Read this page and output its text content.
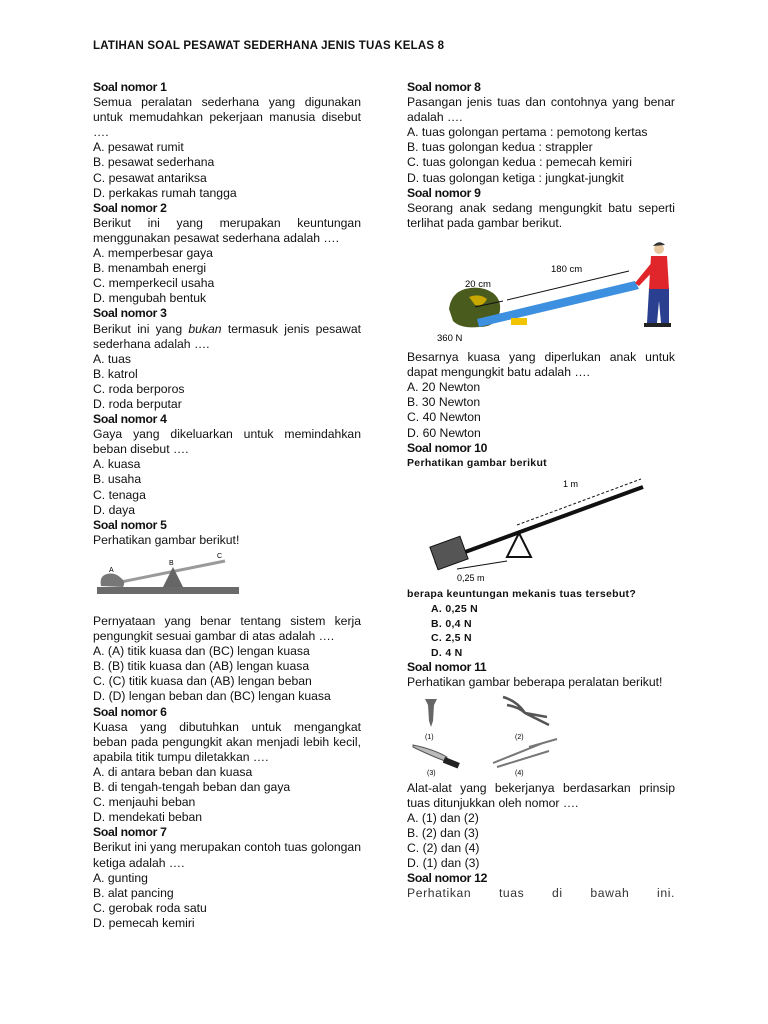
LATIHAN SOAL PESAWAT SEDERHANA JENIS TUAS KELAS 8
Soal nomor 1
Semua peralatan sederhana yang digunakan untuk memudahkan pekerjaan manusia disebut ….
A. pesawat rumit
B. pesawat sederhana
C. pesawat antariksa
D. perkakas rumah tangga
Soal nomor 2
Berikut ini yang merupakan keuntungan menggunakan pesawat sederhana adalah ….
A. memperbesar gaya
B. menambah energi
C. memperkecil usaha
D. mengubah bentuk
Soal nomor 3
Berikut ini yang bukan termasuk jenis pesawat sederhana adalah ….
A. tuas
B. katrol
C. roda berporos
D. roda berputar
Soal nomor 4
Gaya yang dikeluarkan untuk memindahkan beban disebut ….
A. kuasa
B. usaha
C. tenaga
D. daya
Soal nomor 5
Perhatikan gambar berikut!
A
B
C
Pernyataan yang benar tentang sistem kerja pengungkit sesuai gambar di atas adalah ….
A. (A) titik kuasa dan (BC) lengan kuasa
B. (B) titik kuasa dan (AB) lengan kuasa
C. (C) titik kuasa dan (AB) lengan beban
D. (D) lengan beban dan (BC) lengan kuasa
Soal nomor 6
Kuasa yang dibutuhkan untuk mengangkat beban pada pengungkit akan menjadi lebih kecil, apabila titik tumpu diletakkan ….
A. di antara beban dan kuasa
B. di tengah-tengah beban dan gaya
C. menjauhi beban
D. mendekati beban
Soal nomor 7
Berikut ini yang merupakan contoh tuas golongan ketiga adalah ….
A. gunting
B. alat pancing
C. gerobak roda satu
D. pemecah kemiri
Soal nomor 8
Pasangan jenis tuas dan contohnya yang benar adalah ….
A. tuas golongan pertama : pemotong kertas
B. tuas golongan kedua : strappler
C. tuas golongan kedua : pemecah kemiri
D. tuas golongan ketiga : jungkat-jungkit
Soal nomor 9
Seorang anak sedang mengungkit batu seperti terlihat pada gambar berikut.
180 cm
20 cm
360 N
Besarnya kuasa yang diperlukan anak untuk dapat mengungkit batu adalah ….
A. 20 Newton
B. 30 Newton
C. 40 Newton
D. 60 Newton
Soal nomor 10
Perhatikan gambar berikut
1 m
0,25 m
berapa keuntungan mekanis tuas tersebut?
A. 0,25 N
B. 0,4 N
C. 2,5 N
D. 4 N
Soal nomor 11
Perhatikan gambar beberapa peralatan berikut!
(1)	(2)
(3)	(4)
Alat-alat yang bekerjanya berdasarkan prinsip tuas ditunjukkan oleh nomor ….
A. (1) dan (2)
B. (2) dan (3)
C. (2) dan (4)
D. (1) dan (3)
Soal nomor 12
Perhatikan tuas di bawah ini.
